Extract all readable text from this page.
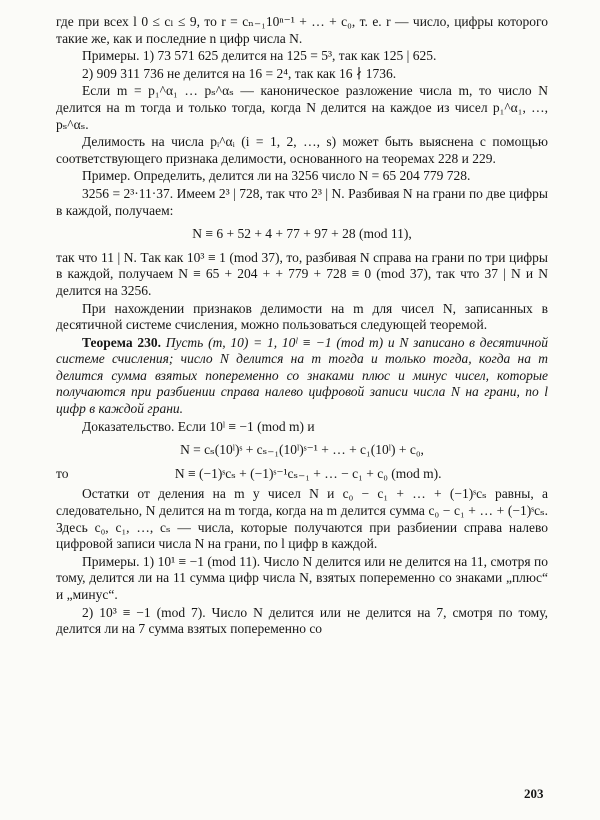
где при всех l 0 ≤ cₗ ≤ 9, то r = cₙ₋₁10ⁿ⁻¹ + … + c₀, т. е. r — число, цифры которого такие же, как и последние n цифр числа N.

Примеры. 1) 73 571 625 делится на 125 = 5³, так как 125 | 625.

2) 909 311 736 не делится на 16 = 2⁴, так как 16 ∤ 1736.

Если m = p₁^α₁ … pₛ^αₛ — каноническое разложение числа m, то число N делится на m тогда и только тогда, когда N делится на каждое из чисел p₁^α₁, …, pₛ^αₛ.

Делимость на числа pᵢ^αᵢ (i = 1, 2, …, s) может быть выяснена с помощью соответствующего признака делимости, основанного на теоремах 228 и 229.

Пример. Определить, делится ли на 3256 число N = 65 204 779 728.

3256 = 2³·11·37. Имеем 2³ | 728, так что 2³ | N. Разбивая N на грани по две цифры в каждой, получаем:

N ≡ 6 + 52 + 4 + 77 + 97 + 28 (mod 11),

так что 11 | N. Так как 10³ ≡ 1 (mod 37), то, разбивая N справа на грани по три цифры в каждой, получаем N ≡ 65 + 204 + + 779 + 728 ≡ 0 (mod 37), так что 37 | N и N делится на 3256.

При нахождении признаков делимости на m для чисел N, записанных в десятичной системе счисления, можно пользоваться следующей теоремой.

Теорема 230. Пусть (m, 10) = 1, 10ˡ ≡ −1 (mod m) и N записано в десятичной системе счисления; число N делится на m тогда и только тогда, когда на m делится сумма взятых попеременно со знаками плюс и минус чисел, которые получаются при разбиении справа налево цифровой записи числа N на грани, по l цифр в каждой грани.

Доказательство. Если 10ˡ ≡ −1 (mod m) и

N = cₛ(10ˡ)ˢ + cₛ₋₁(10ˡ)ˢ⁻¹ + … + c₁(10ˡ) + c₀,

то	N ≡ (−1)ˢcₛ + (−1)ˢ⁻¹cₛ₋₁ + … − c₁ + c₀ (mod m).

Остатки от деления на m у чисел N и c₀ − c₁ + … + (−1)ˢcₛ равны, а следовательно, N делится на m тогда, когда на m делится сумма c₀ − c₁ + … + (−1)ˢcₛ. Здесь c₀, c₁, …, cₛ — числа, которые получаются при разбиении справа налево цифровой записи числа N на грани, по l цифр в каждой.

Примеры. 1) 10¹ ≡ −1 (mod 11). Число N делится или не делится на 11, смотря по тому, делится ли на 11 сумма цифр числа N, взятых попеременно со знаками „плюс“ и „минус“.

2) 10³ ≡ −1 (mod 7). Число N делится или не делится на 7, смотря по тому, делится ли на 7 сумма взятых попеременно со

203
